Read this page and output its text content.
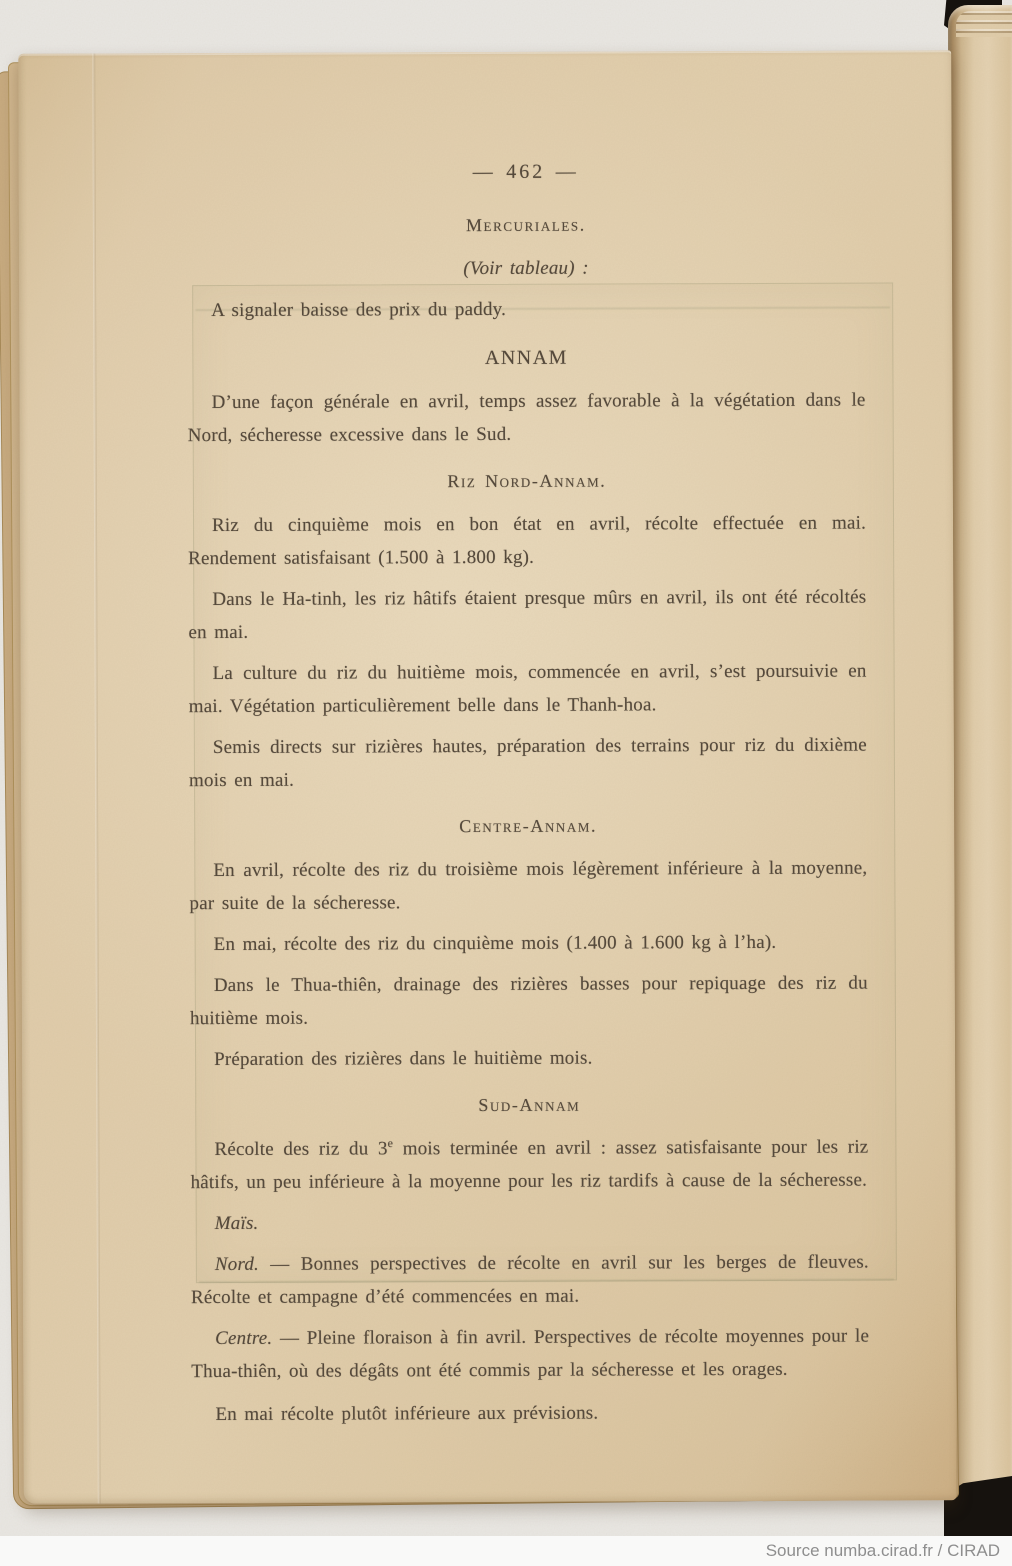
— 462 —
Mercuriales.
(Voir tableau) :

A signaler baisse des prix du paddy.

ANNAM

D’une façon générale en avril, temps assez favorable à la végétation dans le Nord, sécheresse excessive dans le Sud.

Riz Nord-Annam.

Riz du cinquième mois en bon état en avril, récolte effectuée en mai. Rendement satisfaisant (1.500 à 1.800 kg).

Dans le Ha-tinh, les riz hâtifs étaient presque mûrs en avril, ils ont été récoltés en mai.

La culture du riz du huitième mois, commencée en avril, s’est poursuivie en mai. Végétation particulièrement belle dans le Thanh-hoa.

Semis directs sur rizières hautes, préparation des terrains pour riz du dixième mois en mai.

Centre-Annam.

En avril, récolte des riz du troisième mois légèrement inférieure à la moyenne, par suite de la sécheresse.

En mai, récolte des riz du cinquième mois (1.400 à 1.600 kg à l’ha).

Dans le Thua-thiên, drainage des rizières basses pour repiquage des riz du huitième mois.

Préparation des rizières dans le huitième mois.

Sud-Annam

Récolte des riz du 3e mois terminée en avril : assez satisfaisante pour les riz hâtifs, un peu inférieure à la moyenne pour les riz tardifs à cause de la sécheresse.

Maïs.

Nord. — Bonnes perspectives de récolte en avril sur les berges de fleuves. Récolte et campagne d’été commencées en mai.

Centre. — Pleine floraison à fin avril. Perspectives de récolte moyennes pour le Thua-thiên, où des dégâts ont été commis par la sécheresse et les orages.

En mai récolte plutôt inférieure aux prévisions.

Source numba.cirad.fr / CIRAD
